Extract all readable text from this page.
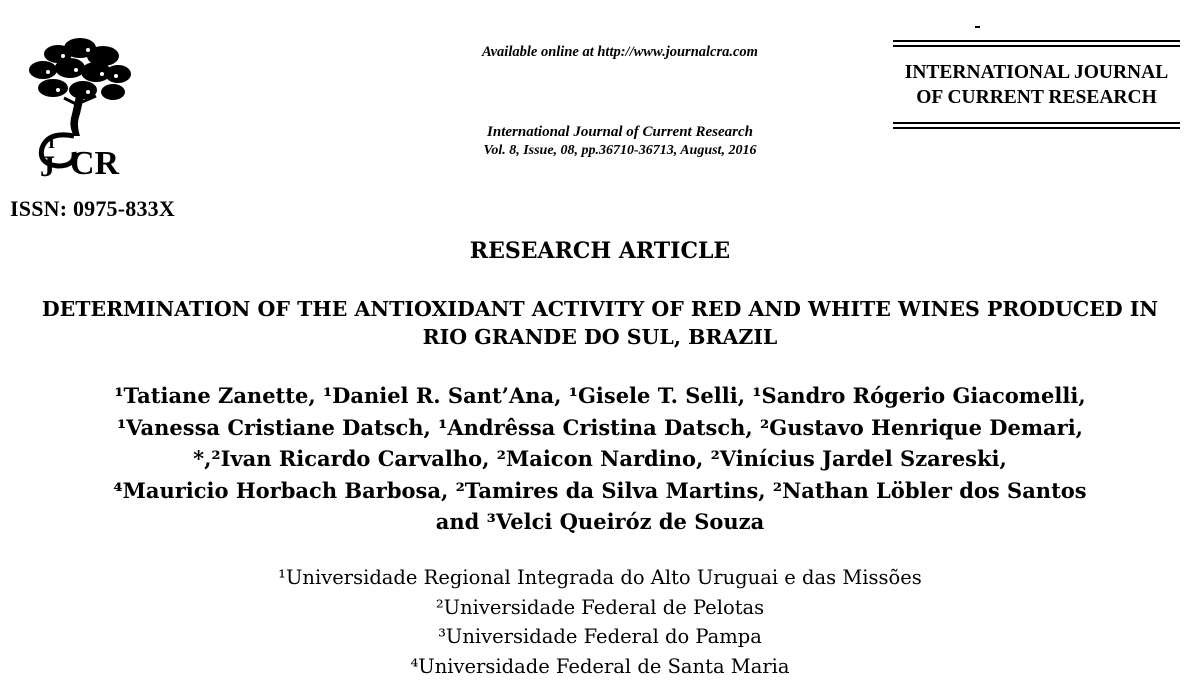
I
J CR
ISSN: 0975-833X
Available online at http://www.journalcra.com
International Journal of Current Research
Vol. 8, Issue, 08, pp.36710-36713, August, 2016
INTERNATIONAL JOURNAL
OF CURRENT RESEARCH
RESEARCH ARTICLE
DETERMINATION OF THE ANTIOXIDANT ACTIVITY OF RED AND WHITE WINES PRODUCED IN
RIO GRANDE DO SUL, BRAZIL
¹Tatiane Zanette, ¹Daniel R. Sant’Ana, ¹Gisele T. Selli, ¹Sandro Rógerio Giacomelli,
¹Vanessa Cristiane Datsch, ¹Andrêssa Cristina Datsch, ²Gustavo Henrique Demari,
*,²Ivan Ricardo Carvalho, ²Maicon Nardino, ²Vinícius Jardel Szareski,
⁴Mauricio Horbach Barbosa, ²Tamires da Silva Martins, ²Nathan Löbler dos Santos
and ³Velci Queiróz de Souza
¹Universidade Regional Integrada do Alto Uruguai e das Missões
²Universidade Federal de Pelotas
³Universidade Federal do Pampa
⁴Universidade Federal de Santa Maria
